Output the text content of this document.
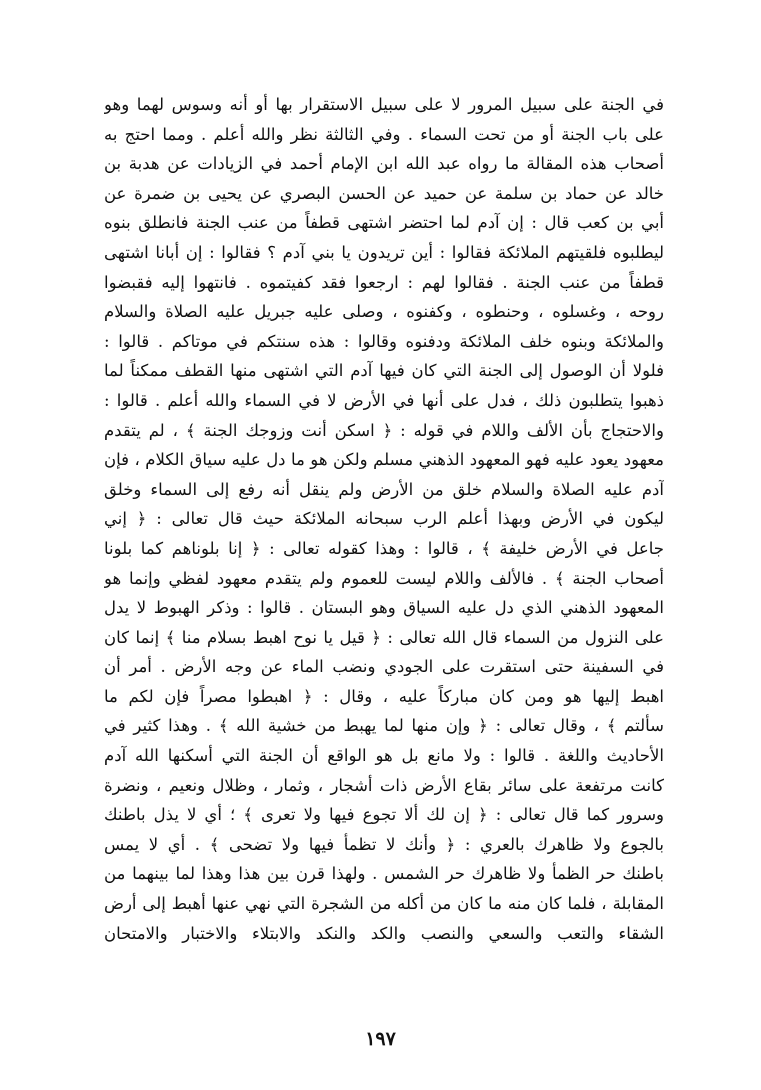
في الجنة على سبيل المرور لا على سبيل الاستقرار بها أو أنه وسوس لهما وهو
على باب الجنة أو من تحت السماء . وفي الثالثة نظر والله أعلم . ومما احتج به
أصحاب هذه المقالة ما رواه عبد الله ابن الإمام أحمد في الزيادات عن هدبة بن
خالد عن حماد بن سلمة عن حميد عن الحسن البصري عن يحيى بن ضمرة عن
أبي بن كعب قال : إن آدم لما احتضر اشتهى قطفاً من عنب الجنة فانطلق بنوه
ليطلبوه فلقيتهم الملائكة فقالوا : أين تريدون يا بني آدم ؟ فقالوا : إن أبانا اشتهى
قطفاً من عنب الجنة . فقالوا لهم : ارجعوا فقد كفيتموه . فانتهوا إليه فقبضوا
روحه ، وغسلوه ، وحنطوه ، وكفنوه ، وصلى عليه جبريل عليه الصلاة والسلام
والملائكة وبنوه خلف الملائكة ودفنوه وقالوا : هذه سنتكم في موتاكم . قالوا :
فلولا أن الوصول إلى الجنة التي كان فيها آدم التي اشتهى منها القطف ممكناً لما
ذهبوا يتطلبون ذلك ، فدل على أنها في الأرض لا في السماء والله أعلم . قالوا :
والاحتجاج بأن الألف واللام في قوله : ﴿ اسكن أنت وزوجك الجنة ﴾ ، لم يتقدم
معهود يعود عليه فهو المعهود الذهني مسلم ولكن هو ما دل عليه سياق الكلام ، فإن
آدم عليه الصلاة والسلام خلق من الأرض ولم ينقل أنه رفع إلى السماء وخلق
ليكون في الأرض وبهذا أعلم الرب سبحانه الملائكة حيث قال تعالى : ﴿ إني
جاعل في الأرض خليفة ﴾ ، قالوا : وهذا كقوله تعالى : ﴿ إنا بلوناهم كما بلونا
أصحاب الجنة ﴾ . فالألف واللام ليست للعموم ولم يتقدم معهود لفظي وإنما هو
المعهود الذهني الذي دل عليه السياق وهو البستان . قالوا : وذكر الهبوط لا يدل
على النزول من السماء قال الله تعالى : ﴿ قيل يا نوح اهبط بسلام منا ﴾ إنما كان
في السفينة حتى استقرت على الجودي ونضب الماء عن وجه الأرض . أمر أن
اهبط إليها هو ومن كان مباركاً عليه ، وقال : ﴿ اهبطوا مصراً فإن لكم ما
سألتم ﴾ ، وقال تعالى : ﴿ وإن منها لما يهبط من خشية الله ﴾ . وهذا كثير في
الأحاديث واللغة . قالوا : ولا مانع بل هو الواقع أن الجنة التي أسكنها الله آدم
كانت مرتفعة على سائر بقاع الأرض ذات أشجار ، وثمار ، وظلال ونعيم ، ونضرة
وسرور كما قال تعالى : ﴿ إن لك ألا تجوع فيها ولا تعرى ﴾ ؛ أي لا يذل باطنك
بالجوع ولا ظاهرك بالعري : ﴿ وأنك لا تظمأ فيها ولا تضحى ﴾ . أي لا يمس
باطنك حر الظمأ ولا ظاهرك حر الشمس . ولهذا قرن بين هذا وهذا لما بينهما من
المقابلة ، فلما كان منه ما كان من أكله من الشجرة التي نهي عنها أهبط إلى أرض
الشقاء والتعب والسعي والنصب والكد والنكد والابتلاء والاختبار والامتحان
١٩٧
